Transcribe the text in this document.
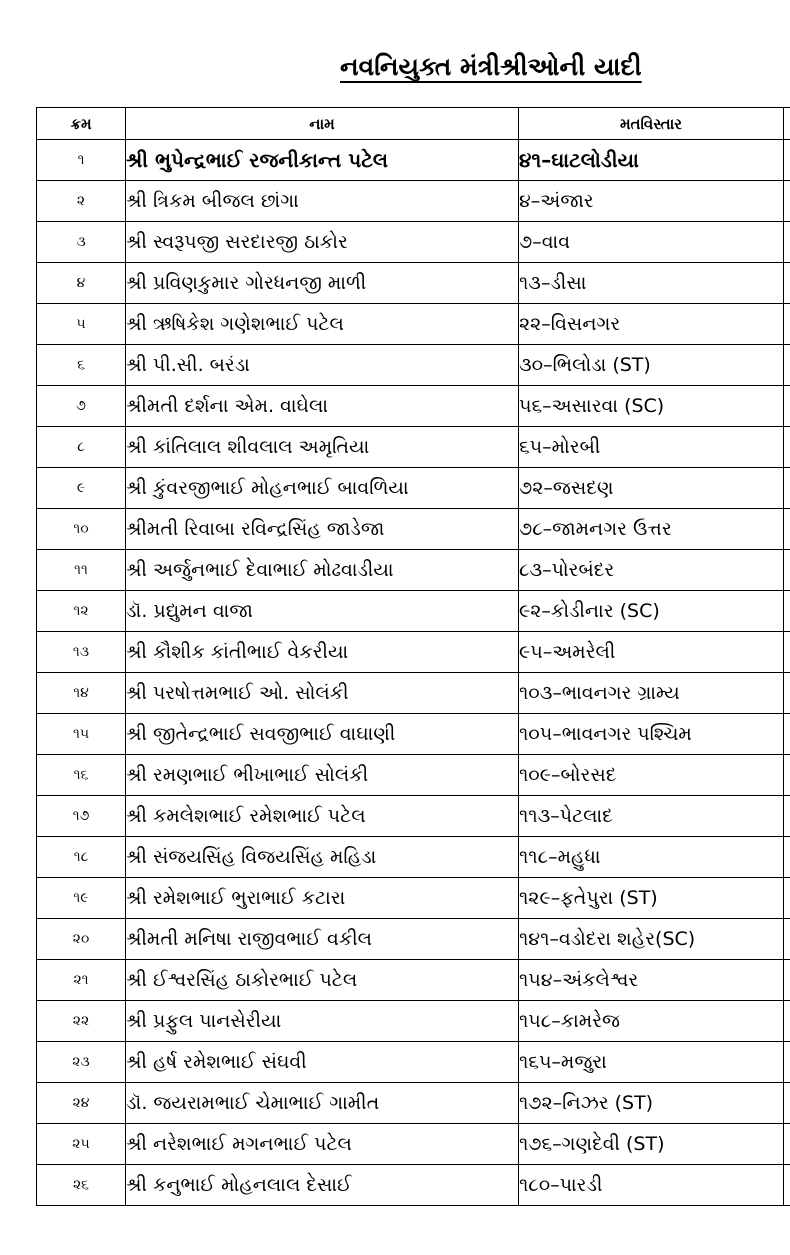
નવનિયુક્ત મંત્રીશ્રીઓની યાદી
ક્રમ	નામ	મતવિસ્તાર	
૧	શ્રી ભુપેન્દ્રભાઈ રજનીકાન્ત પટેલ	૪૧–ઘાટલોડીયા	
૨	શ્રી ત્રિકમ બીજલ છાંગા	૪–અંજાર	
૩	શ્રી સ્વરૂપજી સરદારજી ઠાકોર	૭–વાવ	
૪	શ્રી પ્રવિણકુમાર ગોરધનજી માળી	૧૩–ડીસા	
૫	શ્રી ઋષિકેશ ગણેશભાઈ પટેલ	૨૨–વિસનગર	
૬	શ્રી પી.સી. બરંડા	૩૦–ભિલોડા (ST)	
૭	શ્રીમતી દર્શના એમ. વાઘેલા	૫૬–અસારવા (SC)	
૮	શ્રી કાંતિલાલ શીવલાલ અમૃતિયા	૬૫–મોરબી	
૯	શ્રી કુંવરજીભાઈ મોહનભાઈ બાવળિયા	૭૨–જસદણ	
૧૦	શ્રીમતી રિવાબા રવિન્દ્રસિંહ જાડેજા	૭૮–જામનગર ઉત્તર	
૧૧	શ્રી અર્જુનભાઈ દેવાભાઈ મોઢવાડીયા	૮૩–પોરબંદર	
૧૨	ડૉ. પ્રદ્યુમન વાજા	૯૨–કોડીનાર (SC)	
૧૩	શ્રી કૌશીક કાંતીભાઈ વેકરીયા	૯૫–અમરેલી	
૧૪	શ્રી પરષોત્તમભાઈ ઓ. સોલંકી	૧૦૩–ભાવનગર ગ્રામ્ય	
૧૫	શ્રી જીતેન્દ્રભાઈ સવજીભાઈ વાઘાણી	૧૦૫–ભાવનગર પશ્ચિમ	
૧૬	શ્રી રમણભાઈ ભીખાભાઈ સોલંકી	૧૦૯–બોરસદ	
૧૭	શ્રી કમલેશભાઈ રમેશભાઈ પટેલ	૧૧૩–પેટલાદ	
૧૮	શ્રી સંજયસિંહ વિજયસિંહ મહિડા	૧૧૮–મહુધા	
૧૯	શ્રી રમેશભાઈ ભુરાભાઈ કટારા	૧૨૯–ફતેપુરા (ST)	
૨૦	શ્રીમતી મનિષા રાજીવભાઈ વકીલ	૧૪૧–વડોદરા શહેર(SC)	
૨૧	શ્રી ઈશ્વરસિંહ ઠાકોરભાઈ પટેલ	૧૫૪–અંકલેશ્વર	
૨૨	શ્રી પ્રફુલ પાનસેરીયા	૧૫૮–કામરેજ	
૨૩	શ્રી હર્ષ રમેશભાઈ સંઘવી	૧૬૫–મજુરા	
૨૪	ડૉ. જયરામભાઈ ચેમાભાઈ ગામીત	૧૭૨–નિઝર (ST)	
૨૫	શ્રી નરેશભાઈ મગનભાઈ પટેલ	૧૭૬–ગણદેવી (ST)	
૨૬	શ્રી કનુભાઈ મોહનલાલ દેસાઈ	૧૮૦–પારડી	
